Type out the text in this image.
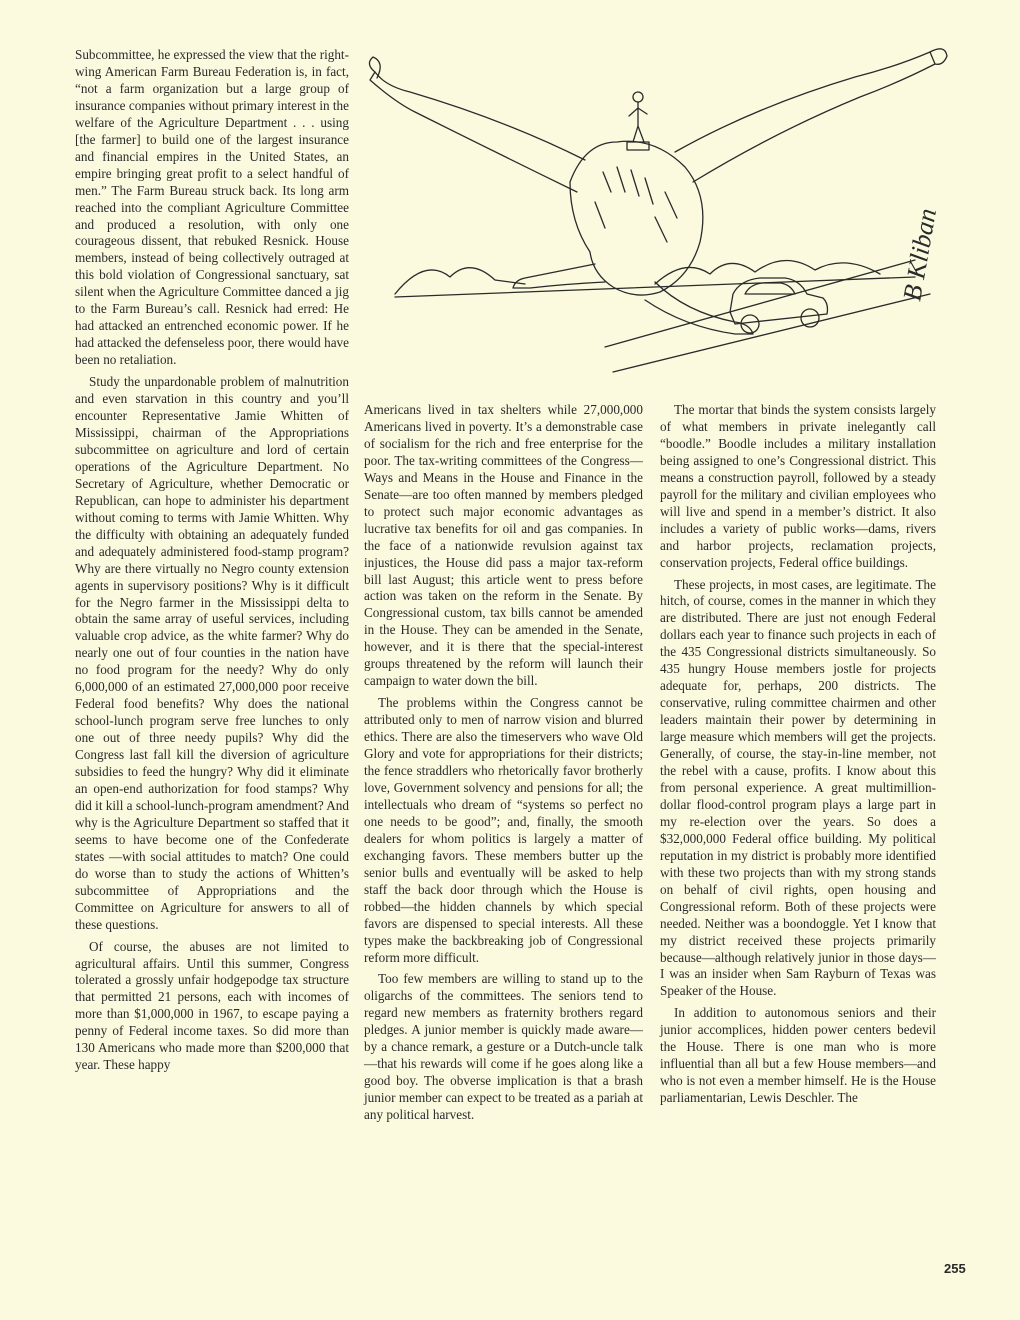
Subcommittee, he expressed the view that the right-wing American Farm Bureau Federation is, in fact, “not a farm organization but a large group of insurance companies without primary interest in the welfare of the Agriculture Department . . . using [the farmer] to build one of the largest insurance and financial empires in the United States, an empire bringing great profit to a select handful of men.” The Farm Bureau struck back. Its long arm reached into the compliant Agriculture Committee and produced a resolution, with only one courageous dissent, that rebuked Resnick. House members, instead of being collectively outraged at this bold violation of Congressional sanctuary, sat silent when the Agriculture Committee danced a jig to the Farm Bureau’s call. Resnick had erred: He had attacked an entrenched economic power. If he had attacked the defenseless poor, there would have been no retaliation.

Study the unpardonable problem of malnutrition and even starvation in this country and you’ll encounter Representative Jamie Whitten of Mississippi, chairman of the Appropriations subcommittee on agriculture and lord of certain operations of the Agriculture Department. No Secretary of Agriculture, whether Democratic or Republican, can hope to administer his department without coming to terms with Jamie Whitten. Why the difficulty with obtaining an adequately funded and adequately administered food-stamp program? Why are there virtually no Negro county extension agents in supervisory positions? Why is it difficult for the Negro farmer in the Mississippi delta to obtain the same array of useful services, including valuable crop advice, as the white farmer? Why do nearly one out of four counties in the nation have no food program for the needy? Why do only 6,000,000 of an estimated 27,000,000 poor receive Federal food benefits? Why does the national school-lunch program serve free lunches to only one out of three needy pupils? Why did the Congress last fall kill the diversion of agriculture subsidies to feed the hungry? Why did it eliminate an open-end authorization for food stamps? Why did it kill a school-lunch-program amendment? And why is the Agriculture Department so staffed that it seems to have become one of the Confederate states —with social attitudes to match? One could do worse than to study the actions of Whitten’s subcommittee of Appropriations and the Committee on Agriculture for answers to all of these questions.

Of course, the abuses are not limited to agricultural affairs. Until this summer, Congress tolerated a grossly unfair hodgepodge tax structure that permitted 21 persons, each with incomes of more than $1,000,000 in 1967, to escape paying a penny of Federal income taxes. So did more than 130 Americans who made more than $200,000 that year. These happy

Americans lived in tax shelters while 27,000,000 Americans lived in poverty. It’s a demonstrable case of socialism for the rich and free enterprise for the poor. The tax-writing committees of the Congress—Ways and Means in the House and Finance in the Senate—are too often manned by members pledged to protect such major economic advantages as lucrative tax benefits for oil and gas companies. In the face of a nationwide revulsion against tax injustices, the House did pass a major tax-reform bill last August; this article went to press before action was taken on the reform in the Senate. By Congressional custom, tax bills cannot be amended in the House. They can be amended in the Senate, however, and it is there that the special-interest groups threatened by the reform will launch their campaign to water down the bill.

The problems within the Congress cannot be attributed only to men of narrow vision and blurred ethics. There are also the timeservers who wave Old Glory and vote for appropriations for their districts; the fence straddlers who rhetorically favor brotherly love, Government solvency and pensions for all; the intellectuals who dream of “systems so perfect no one needs to be good”; and, finally, the smooth dealers for whom politics is largely a matter of exchanging favors. These members butter up the senior bulls and eventually will be asked to help staff the back door through which the House is robbed—the hidden channels by which special favors are dispensed to special interests. All these types make the backbreaking job of Congressional reform more difficult.

Too few members are willing to stand up to the oligarchs of the committees. The seniors tend to regard new members as fraternity brothers regard pledges. A junior member is quickly made aware—by a chance remark, a gesture or a Dutch-uncle talk—that his rewards will come if he goes along like a good boy. The obverse implication is that a brash junior member can expect to be treated as a pariah at any political harvest.

The mortar that binds the system consists largely of what members in private inelegantly call “boodle.” Boodle includes a military installation being assigned to one’s Congressional district. This means a construction payroll, followed by a steady payroll for the military and civilian employees who will live and spend in a member’s district. It also includes a variety of public works—dams, rivers and harbor projects, reclamation projects, conservation projects, Federal office buildings.

These projects, in most cases, are legitimate. The hitch, of course, comes in the manner in which they are distributed. There are just not enough Federal dollars each year to finance such projects in each of the 435 Congressional districts simultaneously. So 435 hungry House members jostle for projects adequate for, perhaps, 200 districts. The conservative, ruling committee chairmen and other leaders maintain their power by determining in large measure which members will get the projects. Generally, of course, the stay-in-line member, not the rebel with a cause, profits. I know about this from personal experience. A great multimillion-dollar flood-control program plays a large part in my re-election over the years. So does a $32,000,000 Federal office building. My political reputation in my district is probably more identified with these two projects than with my strong stands on behalf of civil rights, open housing and Congressional reform. Both of these projects were needed. Neither was a boondoggle. Yet I know that my district received these projects primarily because—although relatively junior in those days—I was an insider when Sam Rayburn of Texas was Speaker of the House.

In addition to autonomous seniors and their junior accomplices, hidden power centers bedevil the House. There is one man who is more influential than all but a few House members—and who is not even a member himself. He is the House parliamentarian, Lewis Deschler. The

B Kliban
255
